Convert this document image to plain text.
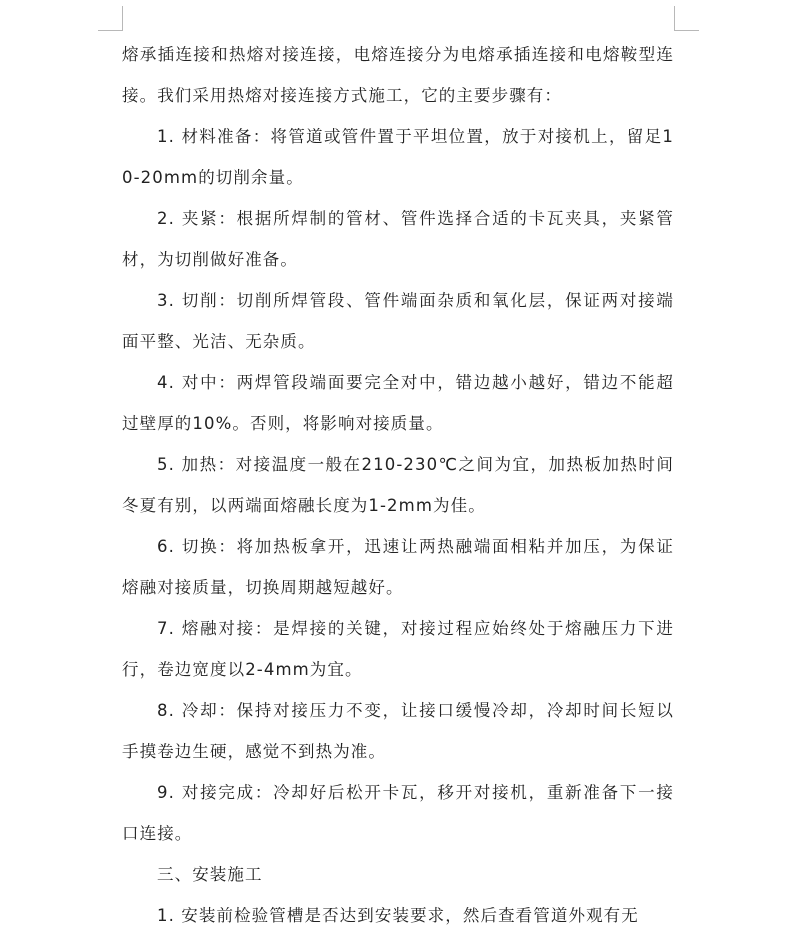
熔承插连接和热熔对接连接，电熔连接分为电熔承插连接和电熔鞍型连接。我们采用热熔对接连接方式施工，它的主要步骤有：

1. 材料准备：将管道或管件置于平坦位置，放于对接机上，留足10-20mm的切削余量。

2. 夹紧：根据所焊制的管材、管件选择合适的卡瓦夹具，夹紧管材，为切削做好准备。

3. 切削：切削所焊管段、管件端面杂质和氧化层，保证两对接端面平整、光洁、无杂质。

4. 对中：两焊管段端面要完全对中，错边越小越好，错边不能超过壁厚的10%。否则，将影响对接质量。

5. 加热：对接温度一般在210-230℃之间为宜，加热板加热时间冬夏有别，以两端面熔融长度为1-2mm为佳。

6. 切换：将加热板拿开，迅速让两热融端面相粘并加压，为保证熔融对接质量，切换周期越短越好。

7. 熔融对接：是焊接的关键，对接过程应始终处于熔融压力下进行，卷边宽度以2-4mm为宜。

8. 冷却：保持对接压力不变，让接口缓慢冷却，冷却时间长短以手摸卷边生硬，感觉不到热为准。

9. 对接完成：冷却好后松开卡瓦，移开对接机，重新准备下一接口连接。

三、安装施工

1. 安装前检验管槽是否达到安装要求，然后查看管道外观有无
